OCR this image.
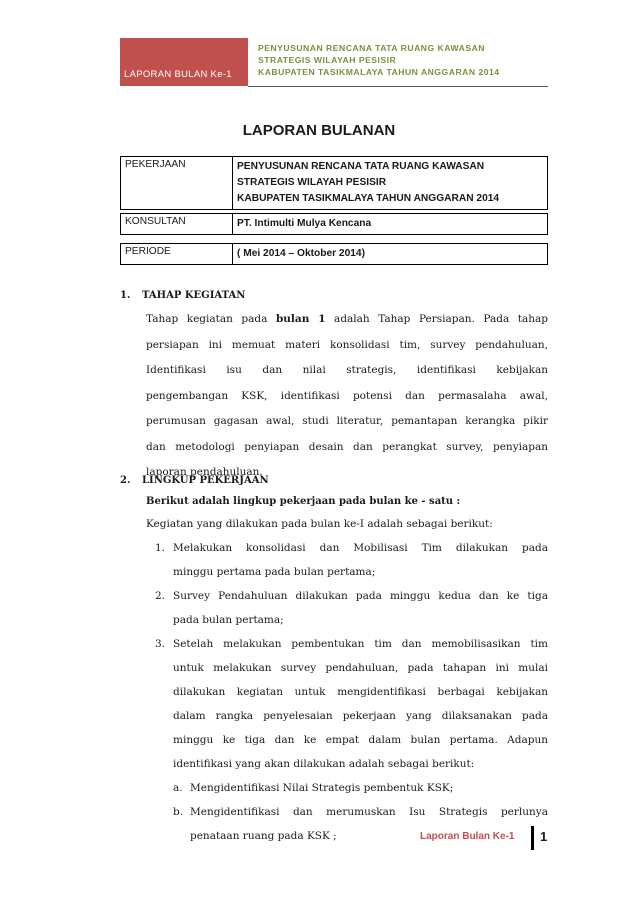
LAPORAN BULAN Ke-1
PENYUSUNAN RENCANA TATA RUANG KAWASAN
STRATEGIS WILAYAH PESISIR
KABUPATEN TASIKMALAYA TAHUN ANGGARAN 2014
LAPORAN BULANAN
PEKERJAAN	PENYUSUNAN RENCANA TATA RUANG KAWASAN
STRATEGIS WILAYAH PESISIR
KABUPATEN TASIKMALAYA TAHUN ANGGARAN 2014
KONSULTAN	PT. Intimulti Mulya Kencana
PERIODE	( Mei 2014 – Oktober 2014)
1. TAHAP KEGIATAN
Tahap kegiatan pada bulan 1 adalah Tahap Persiapan. Pada tahap
persiapan ini memuat materi konsolidasi tim, survey pendahuluan,
Identifikasi isu dan nilai strategis, identifikasi kebijakan
pengembangan KSK, identifikasi potensi dan permasalaha awal,
perumusan gagasan awal, studi literatur, pemantapan kerangka pikir
dan metodologi penyiapan desain dan perangkat survey, penyiapan
laporan pendahuluan.
2. LINGKUP PEKERJAAN
Berikut adalah lingkup pekerjaan pada bulan ke - satu :
Kegiatan yang dilakukan pada bulan ke-I adalah sebagai berikut:
1. Melakukan konsolidasi dan Mobilisasi Tim dilakukan pada
minggu pertama pada bulan pertama;
2. Survey Pendahuluan dilakukan pada minggu kedua dan ke tiga
pada bulan pertama;
3. Setelah melakukan pembentukan tim dan memobilisasikan tim
untuk melakukan survey pendahuluan, pada tahapan ini mulai
dilakukan kegiatan untuk mengidentifikasi berbagai kebijakan
dalam rangka penyelesaian pekerjaan yang dilaksanakan pada
minggu ke tiga dan ke empat dalam bulan pertama. Adapun
identifikasi yang akan dilakukan adalah sebagai berikut:
a. Mengidentifikasi Nilai Strategis pembentuk KSK;
b. Mengidentifikasi dan merumuskan Isu Strategis perlunya
penataan ruang pada KSK ;	Laporan Bulan Ke-1 1
